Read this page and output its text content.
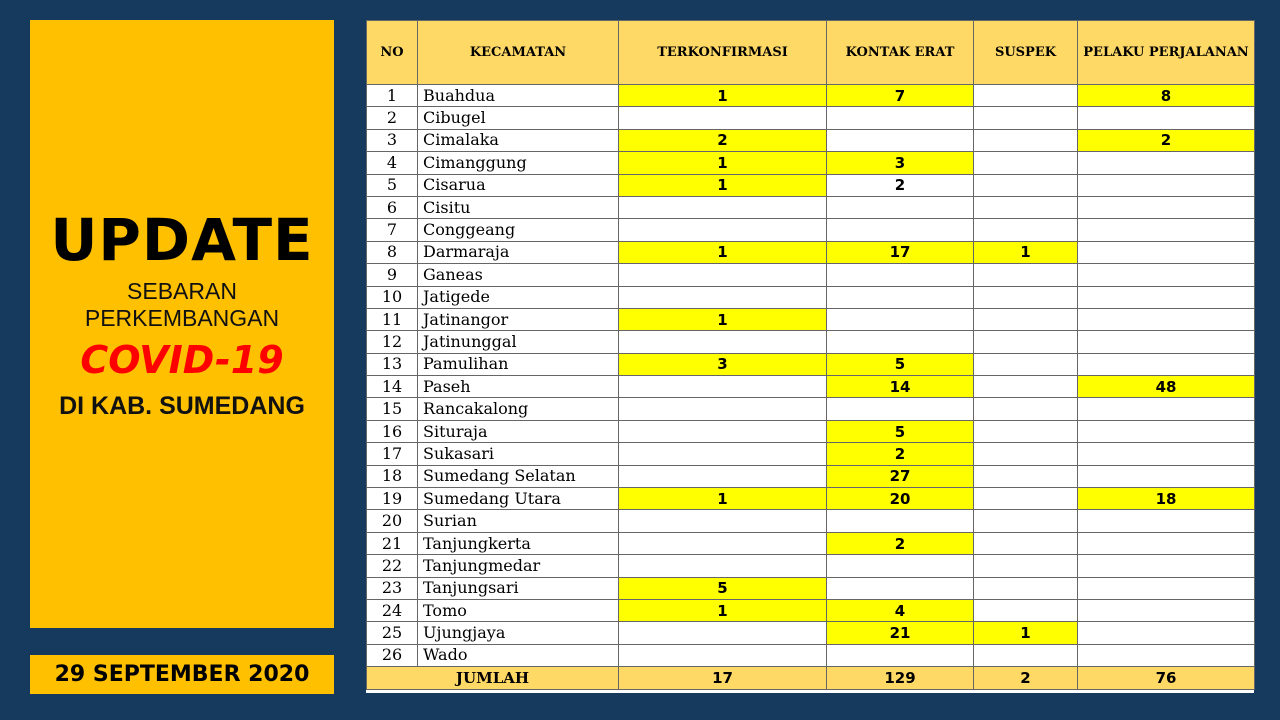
UPDATE
SEBARAN
PERKEMBANGAN
COVID-19
DI KAB. SUMEDANG
29 SEPTEMBER 2020
NO	KECAMATAN	TERKONFIRMASI	KONTAK ERAT	SUSPEK	PELAKU PERJALANAN
1	Buahdua	1	7		8
2	Cibugel				
3	Cimalaka	2			2
4	Cimanggung	1	3		
5	Cisarua	1	2		
6	Cisitu				
7	Conggeang				
8	Darmaraja	1	17	1	
9	Ganeas				
10	Jatigede				
11	Jatinangor	1			
12	Jatinunggal				
13	Pamulihan	3	5		
14	Paseh		14		48
15	Rancakalong				
16	Situraja		5		
17	Sukasari		2		
18	Sumedang Selatan		27		
19	Sumedang Utara	1	20		18
20	Surian				
21	Tanjungkerta		2		
22	Tanjungmedar				
23	Tanjungsari	5			
24	Tomo	1	4		
25	Ujungjaya		21	1	
26	Wado				
JUMLAH		17	129	2	76
